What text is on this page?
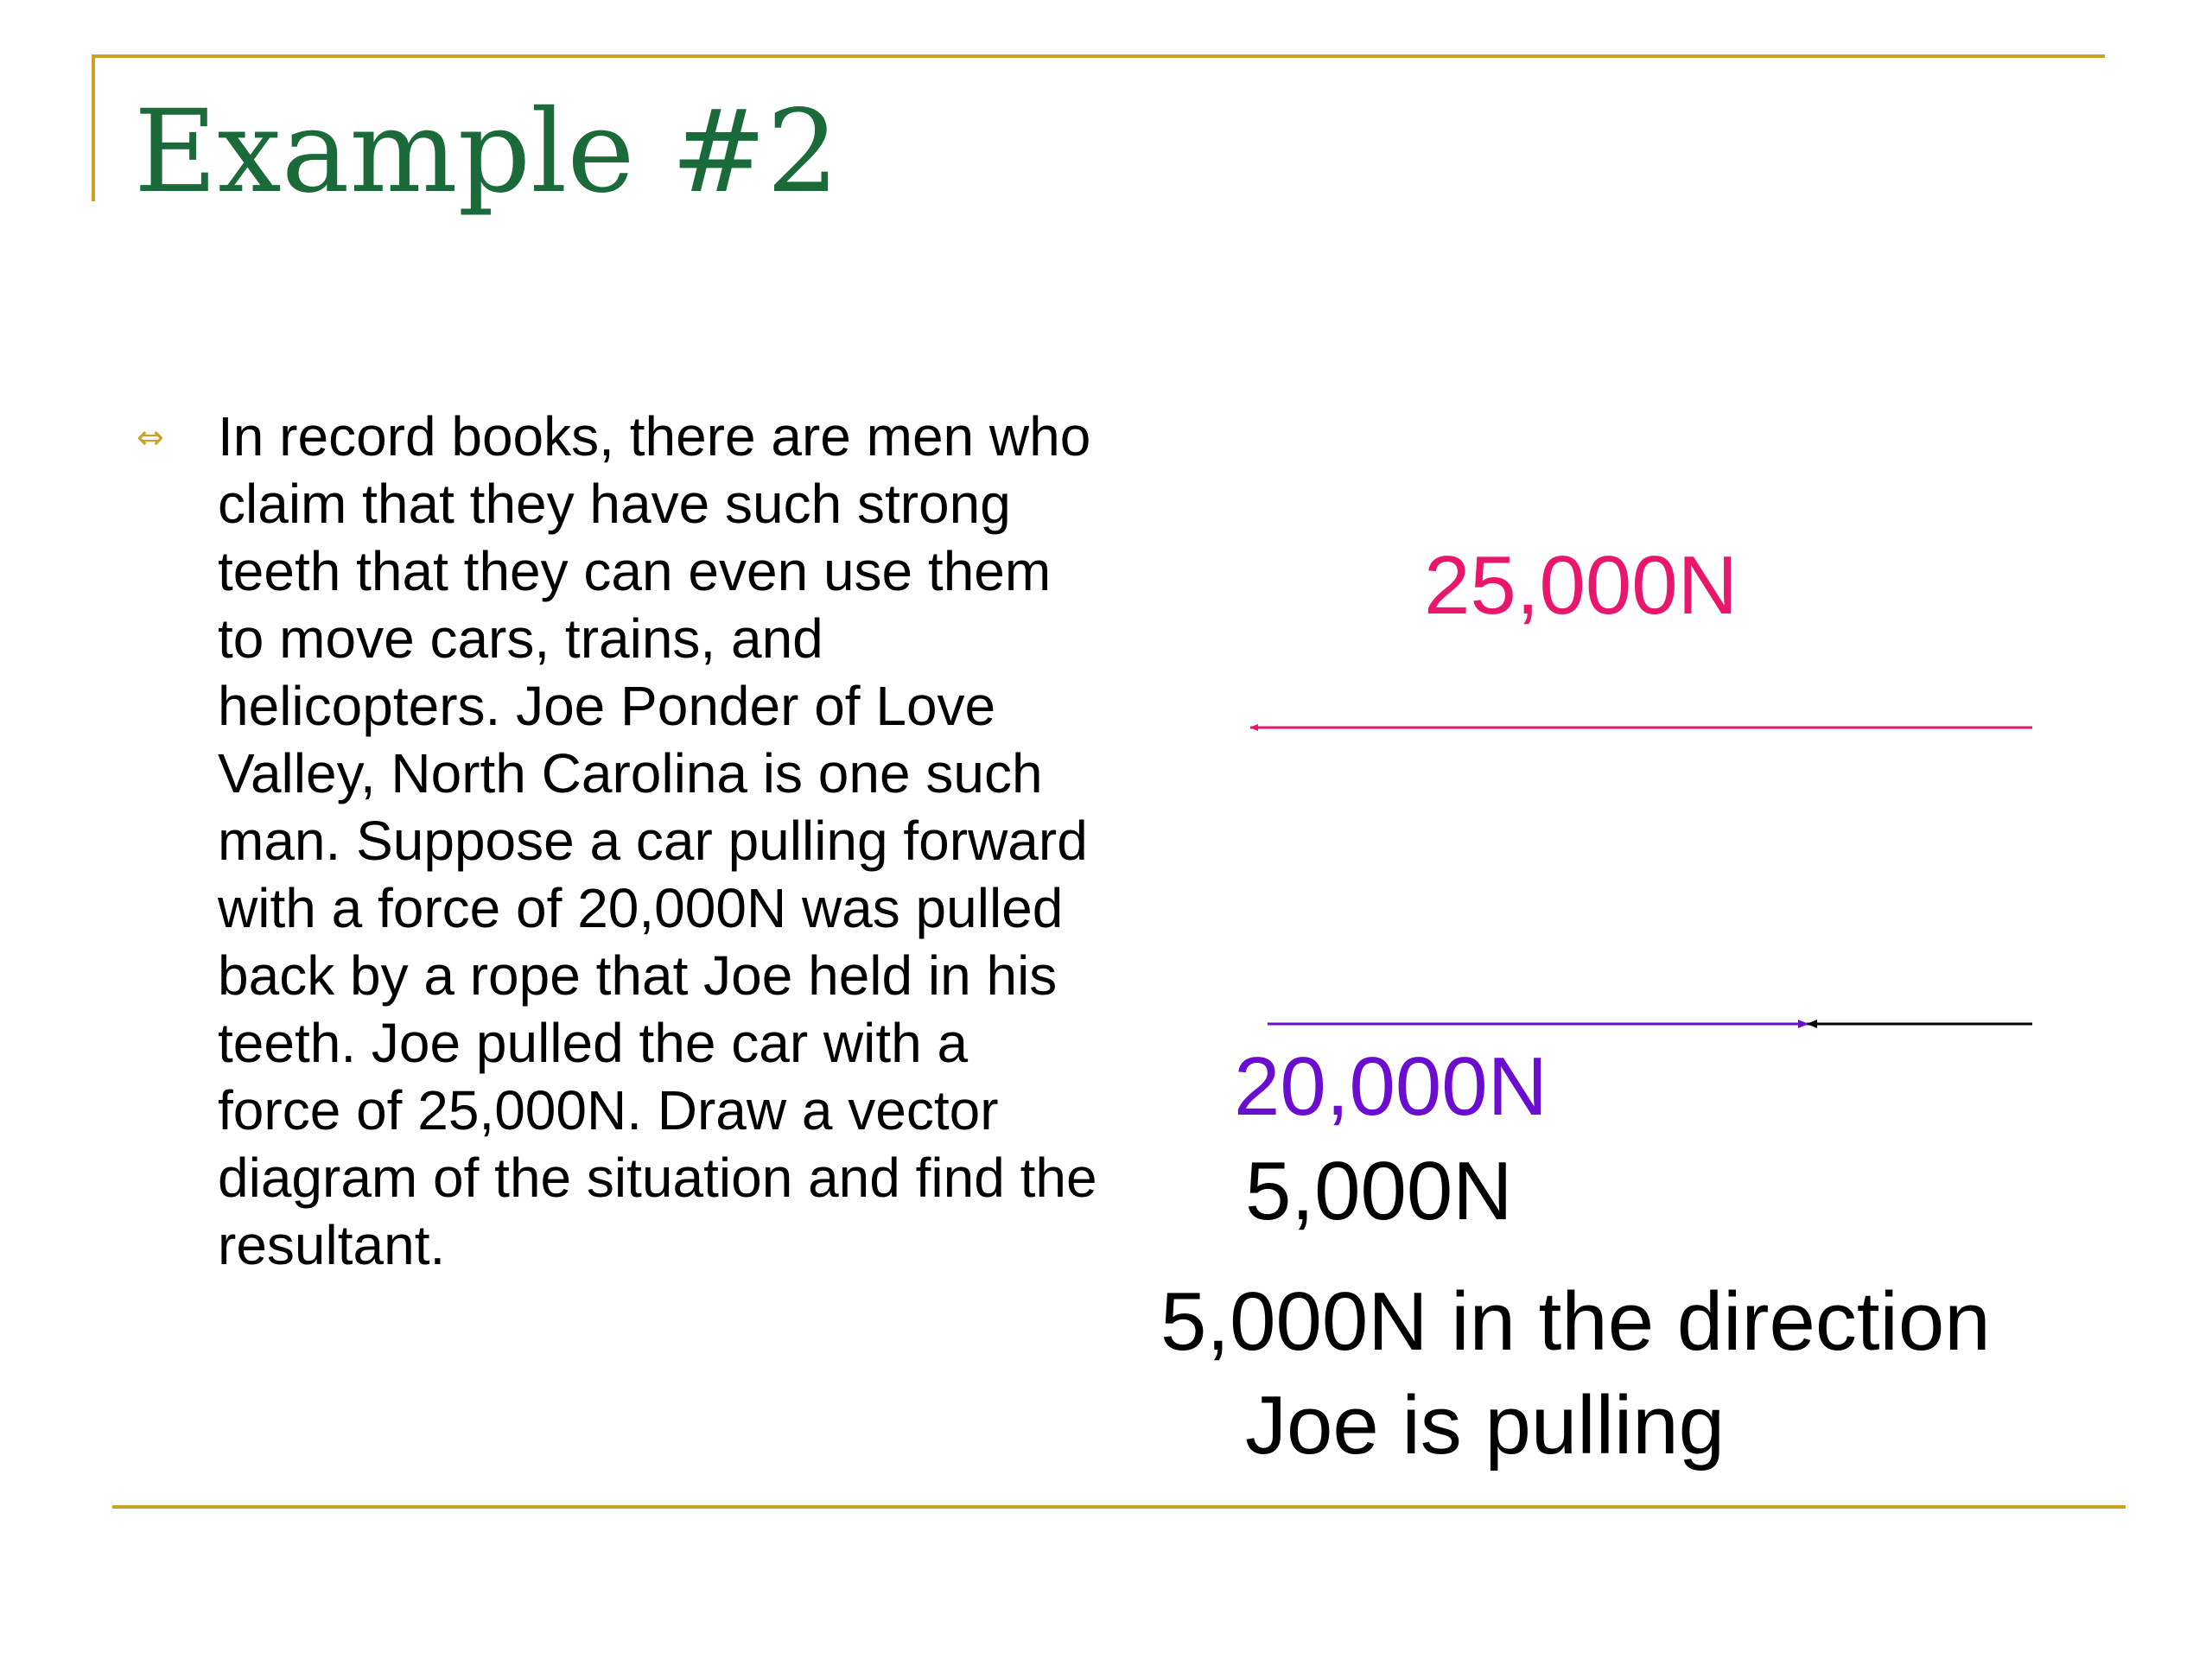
Example #2
⇔ In record books, there are men who claim that they have such strong teeth that they can even use them to move cars, trains, and helicopters. Joe Ponder of Love Valley, North Carolina is one such man. Suppose a car pulling forward with a force of 20,000N was pulled back by a rope that Joe held in his teeth. Joe pulled the car with a force of 25,000N. Draw a vector diagram of the situation and find the resultant.

25,000N
20,000N
5,000N

5,000N in the direction
Joe is pulling
